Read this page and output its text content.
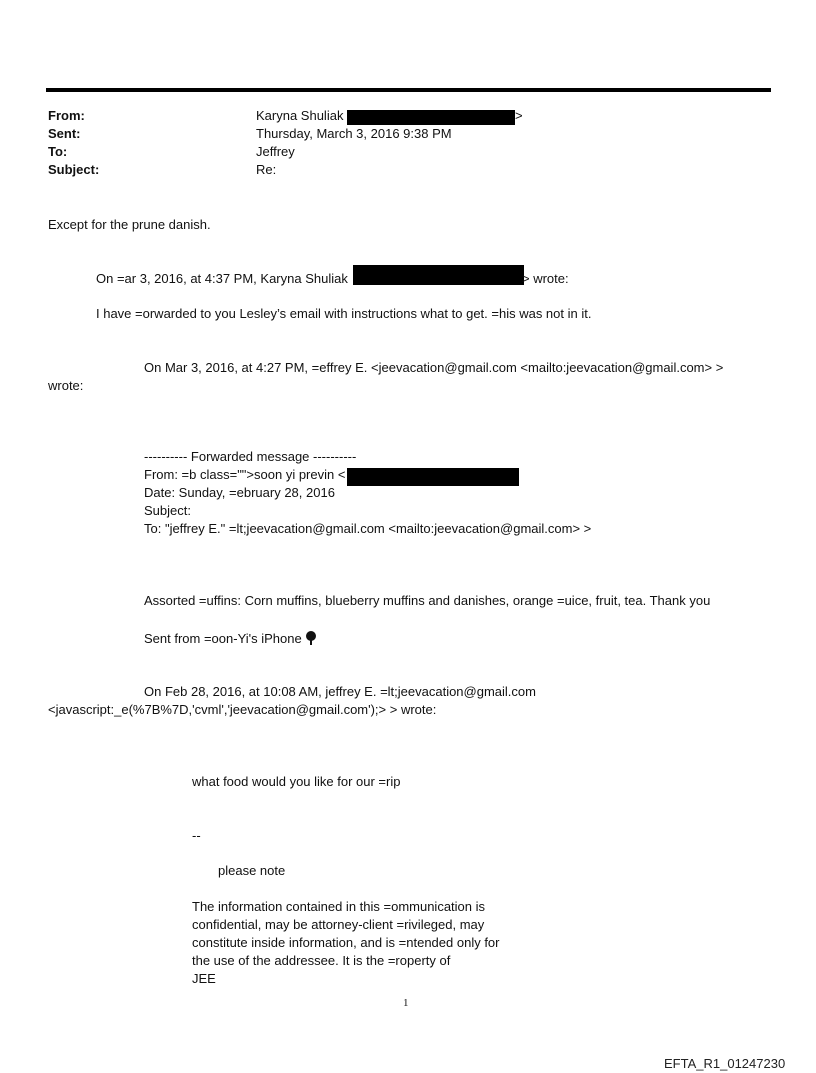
From:	Karyna Shuliak	>
Sent:	Thursday, March 3, 2016 9:38 PM
To:	Jeffrey
Subject:	Re:
Except for the prune danish.
On =ar 3, 2016, at 4:37 PM, Karyna Shuliak	> wrote:
I have =orwarded to you Lesley’s email with instructions what to get. =his was not in it.
On Mar 3, 2016, at 4:27 PM, =effrey E. <jeevacation@gmail.com <mailto:jeevacation@gmail.com> >
wrote:
---------- Forwarded message ----------
From: =b class="">soon yi previn <
Date: Sunday, =ebruary 28, 2016
Subject:
To: "jeffrey E." =lt;jeevacation@gmail.com <mailto:jeevacation@gmail.com> >
Assorted =uffins: Corn muffins, blueberry muffins and danishes, orange =uice, fruit, tea. Thank you
Sent from =oon-Yi's iPhone
On Feb 28, 2016, at 10:08 AM, jeffrey E. =lt;jeevacation@gmail.com
<javascript:_e(%7B%7D,'cvml','jeevacation@gmail.com');> > wrote:
what food would you like for our =rip
--
please note
The information contained in this =ommunication is
confidential, may be attorney-client =rivileged, may
constitute inside information, and is =ntended only for
the use of the addressee. It is the =roperty of
JEE
1
EFTA_R1_01247230
